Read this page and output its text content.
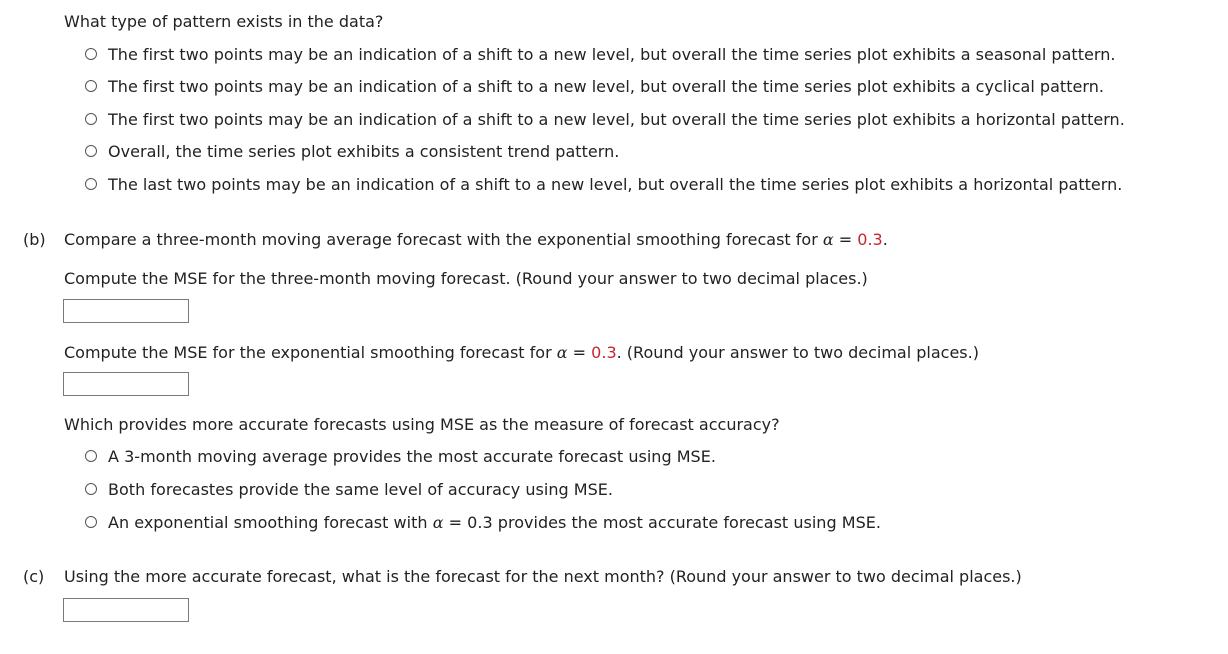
What type of pattern exists in the data?
The first two points may be an indication of a shift to a new level, but overall the time series plot exhibits a seasonal pattern.
The first two points may be an indication of a shift to a new level, but overall the time series plot exhibits a cyclical pattern.
The first two points may be an indication of a shift to a new level, but overall the time series plot exhibits a horizontal pattern.
Overall, the time series plot exhibits a consistent trend pattern.
The last two points may be an indication of a shift to a new level, but overall the time series plot exhibits a horizontal pattern.
(b) Compare a three-month moving average forecast with the exponential smoothing forecast for α = 0.3.
Compute the MSE for the three-month moving forecast. (Round your answer to two decimal places.)
Compute the MSE for the exponential smoothing forecast for α = 0.3. (Round your answer to two decimal places.)
Which provides more accurate forecasts using MSE as the measure of forecast accuracy?
A 3-month moving average provides the most accurate forecast using MSE.
Both forecastes provide the same level of accuracy using MSE.
An exponential smoothing forecast with α = 0.3 provides the most accurate forecast using MSE.
(c) Using the more accurate forecast, what is the forecast for the next month? (Round your answer to two decimal places.)
